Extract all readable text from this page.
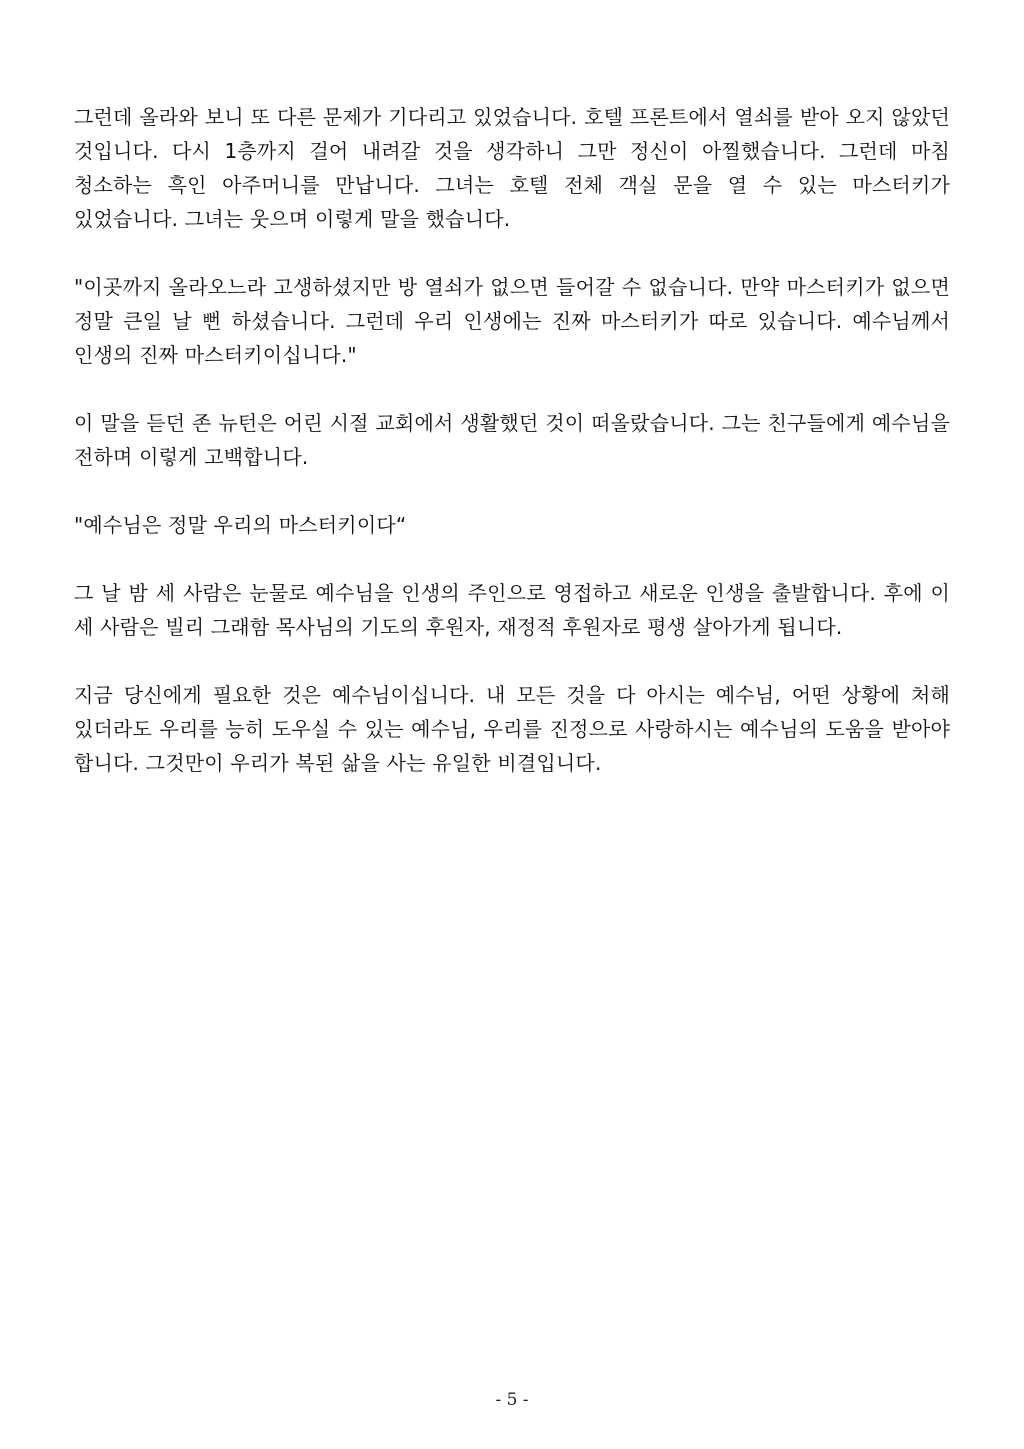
그런데 올라와 보니 또 다른 문제가 기다리고 있었습니다. 호텔 프론트에서 열쇠를 받아 오지 않았던 것입니다. 다시 1층까지 걸어 내려갈 것을 생각하니 그만 정신이 아찔했습니다. 그런데 마침 청소하는 흑인 아주머니를 만납니다. 그녀는 호텔 전체 객실 문을 열 수 있는 마스터키가 있었습니다. 그녀는 웃으며 이렇게 말을 했습니다.

"이곳까지 올라오느라 고생하셨지만 방 열쇠가 없으면 들어갈 수 없습니다. 만약 마스터키가 없으면 정말 큰일 날 뻔 하셨습니다. 그런데 우리 인생에는 진짜 마스터키가 따로 있습니다. 예수님께서 인생의 진짜 마스터키이십니다."

이 말을 듣던 존 뉴턴은 어린 시절 교회에서 생활했던 것이 떠올랐습니다. 그는 친구들에게 예수님을 전하며 이렇게 고백합니다.

"예수님은 정말 우리의 마스터키이다“

그 날 밤 세 사람은 눈물로 예수님을 인생의 주인으로 영접하고 새로운 인생을 출발합니다. 후에 이 세 사람은 빌리 그래함 목사님의 기도의 후원자, 재정적 후원자로 평생 살아가게 됩니다.

지금 당신에게 필요한 것은 예수님이십니다. 내 모든 것을 다 아시는 예수님, 어떤 상황에 처해 있더라도 우리를 능히 도우실 수 있는 예수님, 우리를 진정으로 사랑하시는 예수님의 도움을 받아야 합니다. 그것만이 우리가 복된 삶을 사는 유일한 비결입니다.

- 5 -
